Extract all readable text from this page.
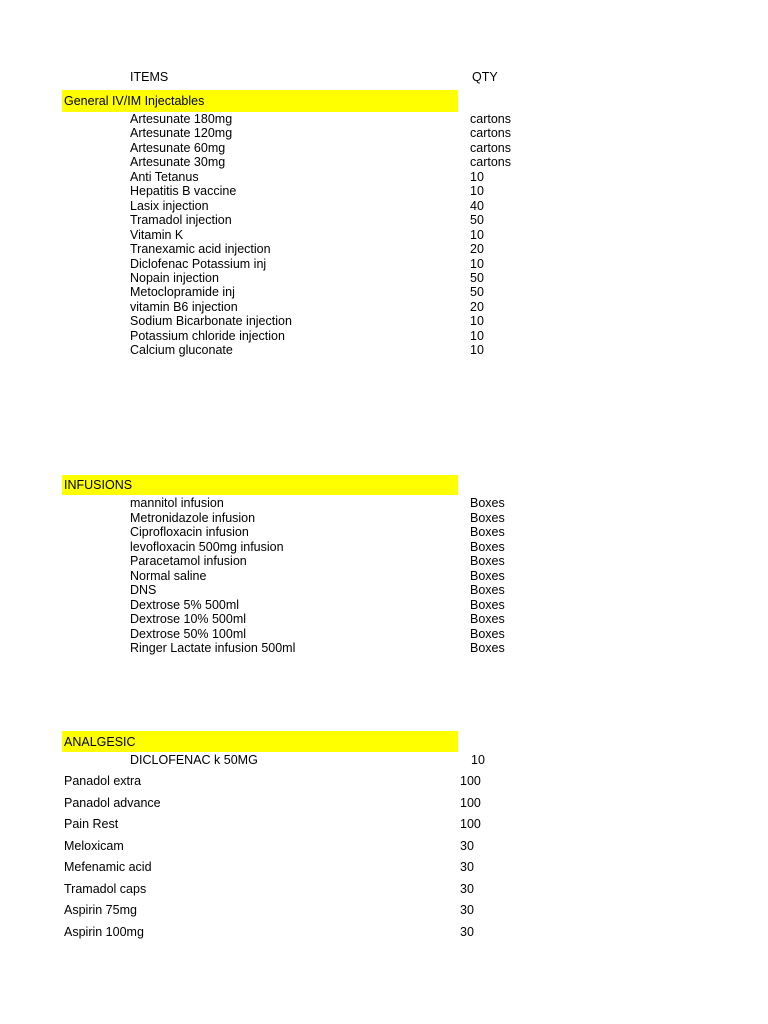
ITEMS	QTY
General IV/IM Injectables
Artesunate 180mg	cartons
Artesunate 120mg	cartons
Artesunate 60mg	cartons
Artesunate 30mg	cartons
Anti Tetanus	10
Hepatitis B vaccine	10
Lasix injection	40
Tramadol injection	50
Vitamin K	10
Tranexamic acid injection	20
Diclofenac Potassium inj	10
Nopain injection	50
Metoclopramide inj	50
vitamin B6 injection	20
Sodium Bicarbonate injection	10
Potassium chloride injection	10
Calcium gluconate	10
INFUSIONS
mannitol infusion	Boxes
Metronidazole infusion	Boxes
Ciprofloxacin infusion	Boxes
levofloxacin 500mg infusion	Boxes
Paracetamol infusion	Boxes
Normal saline	Boxes
DNS	Boxes
Dextrose 5% 500ml	Boxes
Dextrose 10% 500ml	Boxes
Dextrose 50% 100ml	Boxes
Ringer Lactate infusion 500ml	Boxes
ANALGESIC
DICLOFENAC k 50MG	10
Panadol extra	100
Panadol advance	100
Pain Rest	100
Meloxicam	30
Mefenamic acid	30
Tramadol caps	30
Aspirin 75mg	30
Aspirin 100mg	30
